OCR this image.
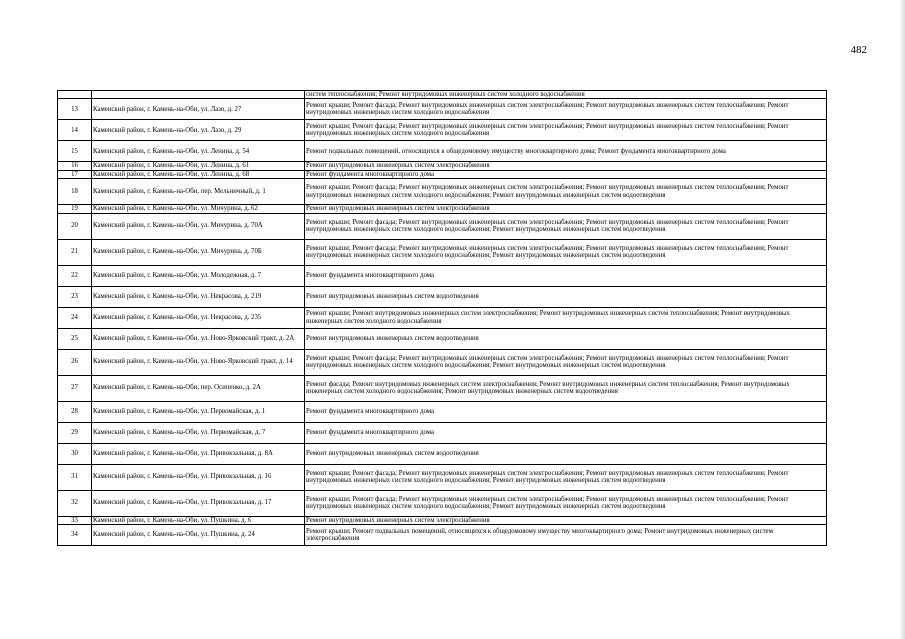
482
		систем теплоснабжения; Ремонт внутридомовых инженерных систем холодного водоснабжения
13	Каменский район, г. Камень-на-Оби, ул. Лазо, д. 27	Ремонт крыши; Ремонт фасада; Ремонт внутридомовых инженерных систем электроснабжения; Ремонт внутридомовых инженерных систем теплоснабжения; Ремонт внутридомовых инженерных систем холодного водоснабжения
14	Каменский район, г. Камень-на-Оби, ул. Лазо, д. 29	Ремонт крыши; Ремонт фасада; Ремонт внутридомовых инженерных систем электроснабжения; Ремонт внутридомовых инженерных систем теплоснабжения; Ремонт внутридомовых инженерных систем холодного водоснабжения
15	Каменский район, г. Камень-на-Оби, ул. Ленина, д. 54	Ремонт подвальных помещений, относящихся к общедомовому имуществу многоквартирного дома; Ремонт фундамента многоквартирного дома
16	Каменский район, г. Камень-на-Оби, ул. Ленина, д. 61	Ремонт внутридомовых инженерных систем электроснабжения
17	Каменский район, г. Камень-на-Оби, ул. Ленина, д. 68	Ремонт фундамента многоквартирного дома
18	Каменский район, г. Камень-на-Оби, пер. Мельничный, д. 1	Ремонт крыши; Ремонт фасада; Ремонт внутридомовых инженерных систем электроснабжения; Ремонт внутридомовых инженерных систем теплоснабжения; Ремонт внутридомовых инженерных систем холодного водоснабжения; Ремонт внутридомовых инженерных систем водоотведения
19	Каменский район, г. Камень-на-Оби, ул. Мичурина, д. 62	Ремонт внутридомовых инженерных систем электроснабжения
20	Каменский район, г. Камень-на-Оби, ул. Мичурина, д. 70А	Ремонт крыши; Ремонт фасада; Ремонт внутридомовых инженерных систем электроснабжения; Ремонт внутридомовых инженерных систем теплоснабжения; Ремонт внутридомовых инженерных систем холодного водоснабжения; Ремонт внутридомовых инженерных систем водоотведения
21	Каменский район, г. Камень-на-Оби, ул. Мичурина, д. 70Б	Ремонт крыши; Ремонт фасада; Ремонт внутридомовых инженерных систем электроснабжения; Ремонт внутридомовых инженерных систем теплоснабжения; Ремонт внутридомовых инженерных систем холодного водоснабжения; Ремонт внутридомовых инженерных систем водоотведения
22	Каменский район, г. Камень-на-Оби, ул. Молодежная, д. 7	Ремонт фундамента многоквартирного дома
23	Каменский район, г. Камень-на-Оби, ул. Некрасова, д. 219	Ремонт внутридомовых инженерных систем водоотведения
24	Каменский район, г. Камень-на-Оби, ул. Некрасова, д. 235	Ремонт крыши; Ремонт внутридомовых инженерных систем электроснабжения; Ремонт внутридомовых инженерных систем теплоснабжения; Ремонт внутридомовых инженерных систем холодного водоснабжения
25	Каменский район, г. Камень-на-Оби, ул. Ново-Ярковский тракт, д. 2А	Ремонт внутридомовых инженерных систем водоотведения
26	Каменский район, г. Камень-на-Оби, ул. Ново-Ярковский тракт, д. 14	Ремонт крыши; Ремонт фасада; Ремонт внутридомовых инженерных систем электроснабжения; Ремонт внутридомовых инженерных систем теплоснабжения; Ремонт внутридомовых инженерных систем холодного водоснабжения; Ремонт внутридомовых инженерных систем водоотведения
27	Каменский район, г. Камень-на-Оби, пер. Осипенко, д. 2А	Ремонт фасада; Ремонт внутридомовых инженерных систем электроснабжения; Ремонт внутридомовых инженерных систем теплоснабжения; Ремонт внутридомовых инженерных систем холодного водоснабжения; Ремонт внутридомовых инженерных систем водоотведения
28	Каменский район, г. Камень-на-Оби, ул. Первомайская, д. 1	Ремонт фундамента многоквартирного дома
29	Каменский район, г. Камень-на-Оби, ул. Первомайская, д. 7	Ремонт фундамента многоквартирного дома
30	Каменский район, г. Камень-на-Оби, ул. Привокзальная, д. 8А	Ремонт внутридомовых инженерных систем водоотведения
31	Каменский район, г. Камень-на-Оби, ул. Привокзальная, д. 16	Ремонт крыши; Ремонт фасада; Ремонт внутридомовых инженерных систем электроснабжения; Ремонт внутридомовых инженерных систем теплоснабжения; Ремонт внутридомовых инженерных систем холодного водоснабжения; Ремонт внутридомовых инженерных систем водоотведения
32	Каменский район, г. Камень-на-Оби, ул. Привокзальная, д. 17	Ремонт крыши; Ремонт фасада; Ремонт внутридомовых инженерных систем электроснабжения; Ремонт внутридомовых инженерных систем теплоснабжения; Ремонт внутридомовых инженерных систем холодного водоснабжения; Ремонт внутридомовых инженерных систем водоотведения
33	Каменский район, г. Камень-на-Оби, ул. Пушкина, д. 6	Ремонт внутридомовых инженерных систем электроснабжения
34	Каменский район, г. Камень-на-Оби, ул. Пушкина, д. 24	Ремонт крыши; Ремонт подвальных помещений, относящихся к общедомовому имуществу многоквартирного дома; Ремонт внутридомовых инженерных систем электроснабжения
